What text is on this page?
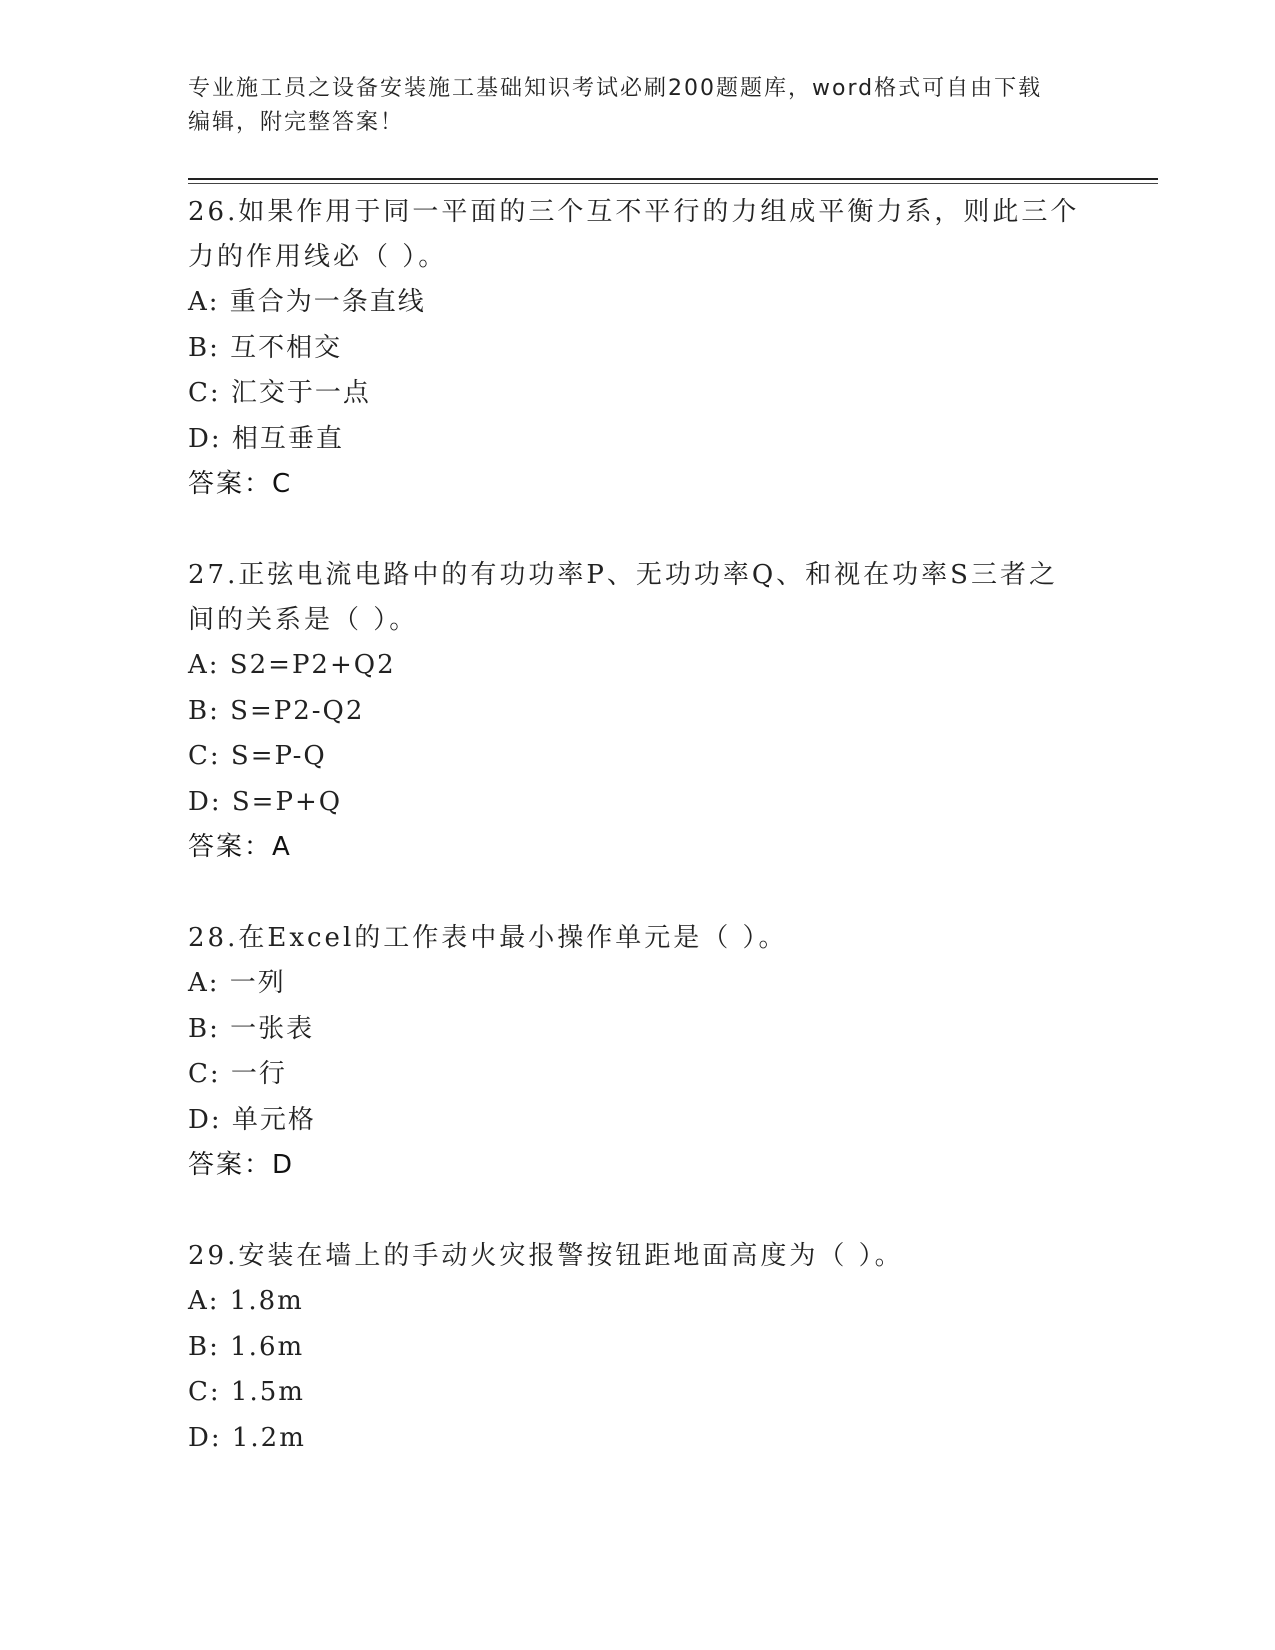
专业施工员之设备安装施工基础知识考试必刷200题题库，word格式可自由下载
编辑，附完整答案！
26.如果作用于同一平面的三个互不平行的力组成平衡力系，则此三个
力的作用线必（ ）。
A: 重合为一条直线
B: 互不相交
C: 汇交于一点
D: 相互垂直
答案：C
27.正弦电流电路中的有功功率P、无功功率Q、和视在功率S三者之
间的关系是（ ）。
A: S2=P2+Q2
B: S=P2-Q2
C: S=P-Q
D: S=P+Q
答案：A
28.在Excel的工作表中最小操作单元是（ ）。
A: 一列
B: 一张表
C: 一行
D: 单元格
答案：D
29.安装在墙上的手动火灾报警按钮距地面高度为（ ）。
A: 1.8m
B: 1.6m
C: 1.5m
D: 1.2m
